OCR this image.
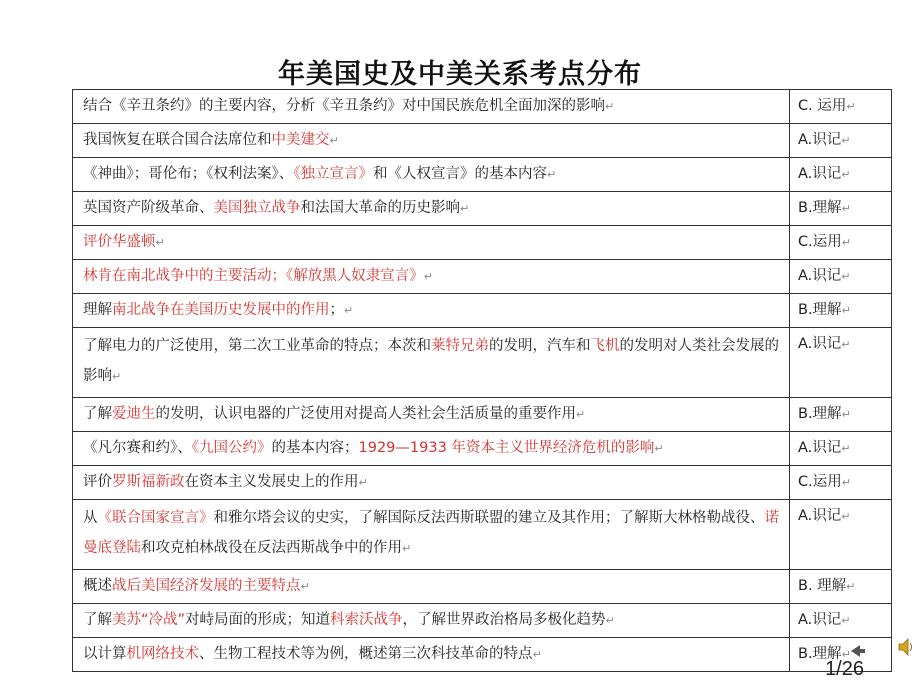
年美国史及中美关系考点分布
结合《辛丑条约》的主要内容，分析《辛丑条约》对中国民族危机全面加深的影响↵	C. 运用↵
我国恢复在联合国合法席位和中美建交↵	A.识记↵
《神曲》；哥伦布；《权利法案》、《独立宣言》和《人权宣言》的基本内容↵	A.识记↵
英国资产阶级革命、美国独立战争和法国大革命的历史影响↵	B.理解↵
评价华盛顿↵	C.运用↵
林肯在南北战争中的主要活动；《解放黑人奴隶宣言》↵	A.识记↵
理解南北战争在美国历史发展中的作用；↵	B.理解↵
了解电力的广泛使用，第二次工业革命的特点；本茨和莱特兄弟的发明，汽车和飞机的发明对人类社会发展的影响↵	A.识记↵
了解爱迪生的发明，认识电器的广泛使用对提高人类社会生活质量的重要作用↵	B.理解↵
《凡尔赛和约》、《九国公约》的基本内容；1929—1933 年资本主义世界经济危机的影响↵	A.识记↵
评价罗斯福新政在资本主义发展史上的作用↵	C.运用↵
从《联合国家宣言》和雅尔塔会议的史实，了解国际反法西斯联盟的建立及其作用；了解斯大林格勒战役、诺曼底登陆和攻克柏林战役在反法西斯战争中的作用↵	A.识记↵
概述战后美国经济发展的主要特点↵	B. 理解↵
了解美苏“冷战”对峙局面的形成；知道科索沃战争，了解世界政治格局多极化趋势↵	A.识记↵
以计算机网络技术、生物工程技术等为例，概述第三次科技革命的特点↵	B.理解↵
1/26
